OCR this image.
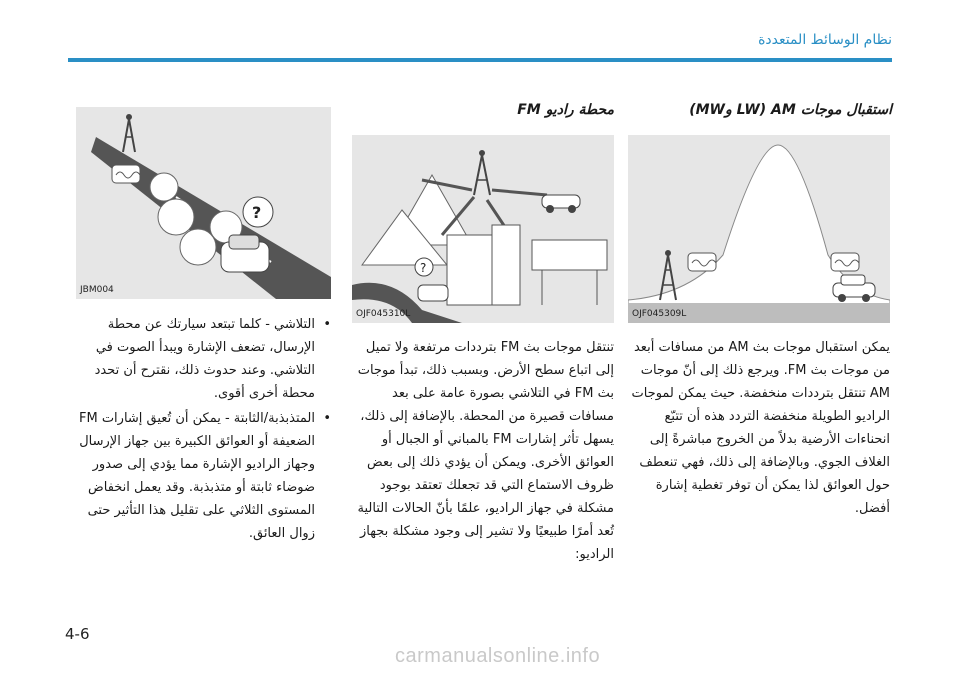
نظام الوسائط المتعددة
استقبال موجات AM (LW وMW)
OJF045309L

يمكن استقبال موجات بث AM من مسافات أبعد من موجات بث FM. ويرجع ذلك إلى أنّ موجات AM تنتقل بترددات منخفضة. حيث يمكن لموجات الراديو الطويلة منخفضة التردد هذه أن تتبّع انحناءات الأرضية بدلاً من الخروج مباشرةً إلى الغلاف الجوي. وبالإضافة إلى ذلك، فهي تنعطف حول العوائق لذا يمكن أن توفر تغطية إشارة أفضل.

محطة راديو FM
?
OJF045310L

تنتقل موجات بث FM بترددات مرتفعة ولا تميل إلى اتباع سطح الأرض. وبسبب ذلك، تبدأ موجات بث FM في التلاشي بصورة عامة على بعد مسافات قصيرة من المحطة. بالإضافة إلى ذلك، يسهل تأثر إشارات FM بالمباني أو الجبال أو العوائق الأخرى. ويمكن أن يؤدي ذلك إلى بعض ظروف الاستماع التي قد تجعلك تعتقد بوجود مشكلة في جهاز الراديو، علمًا بأنّ الحالات التالية تُعد أمرًا طبيعيًا ولا تشير إلى وجود مشكلة بجهاز الراديو:

?
JBM004
• التلاشي - كلما تبتعد سيارتك عن محطة الإرسال، تضعف الإشارة ويبدأ الصوت في التلاشي. وعند حدوث ذلك، نقترح أن تحدد محطة أخرى أقوى.
• المتذبذبة/الثابتة - يمكن أن تُعيق إشارات FM الضعيفة أو العوائق الكبيرة بين جهاز الإرسال وجهاز الراديو الإشارة مما يؤدي إلى صدور ضوضاء ثابتة أو متذبذبة. وقد يعمل انخفاض المستوى الثلاثي على تقليل هذا التأثير حتى زوال العائق.
4-6
carmanualsonline.info
